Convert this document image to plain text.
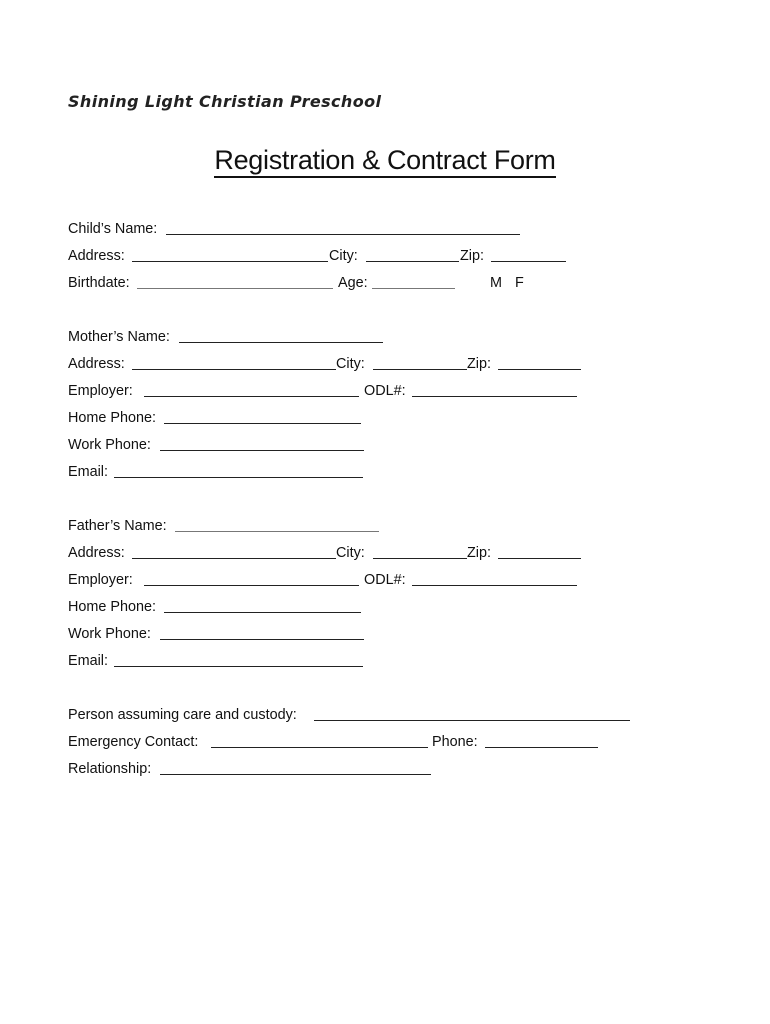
Shining Light Christian Preschool
Registration & Contract Form
Child’s Name:
Address:	City:	Zip:
Birthdate:	Age:	M F
Mother’s Name:
Address:	City:	Zip:
Employer:	ODL#:
Home Phone:
Work Phone:
Email:
Father’s Name:
Address:	City:	Zip:
Employer:	ODL#:
Home Phone:
Work Phone:
Email:
Person assuming care and custody:
Emergency Contact:	Phone:
Relationship:
